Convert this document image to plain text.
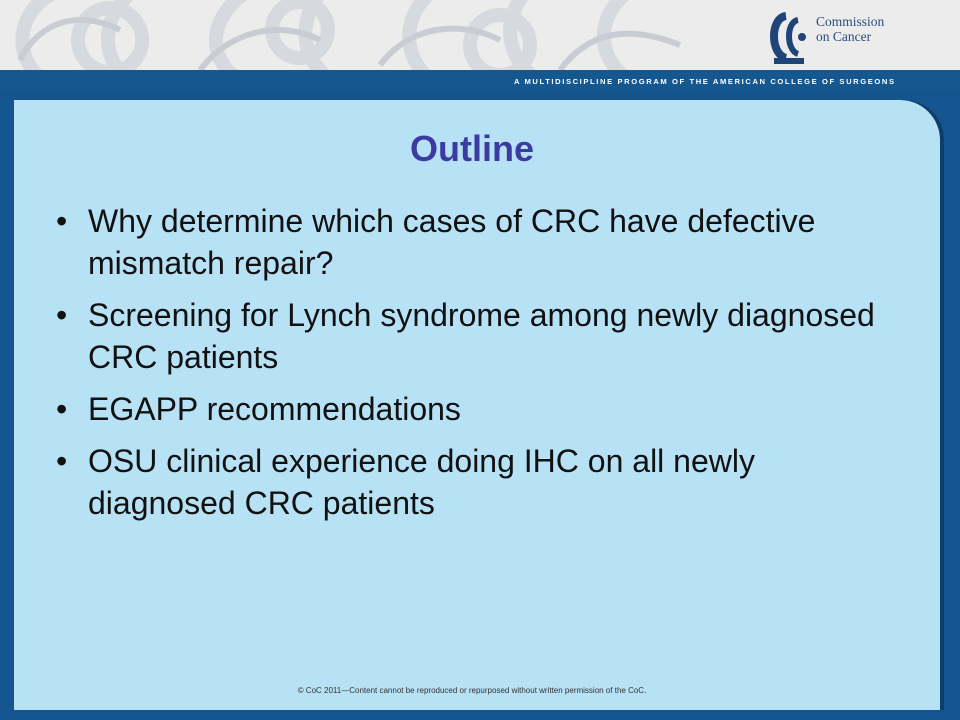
Commission
on Cancer
A MULTIDISCIPLINE PROGRAM OF THE AMERICAN COLLEGE OF SURGEONS
Outline
• Why determine which cases of CRC have defective mismatch repair?
• Screening for Lynch syndrome among newly diagnosed CRC patients
• EGAPP recommendations
• OSU clinical experience doing IHC on all newly diagnosed CRC patients
© CoC 2011—Content cannot be reproduced or repurposed without written permission of the CoC.
